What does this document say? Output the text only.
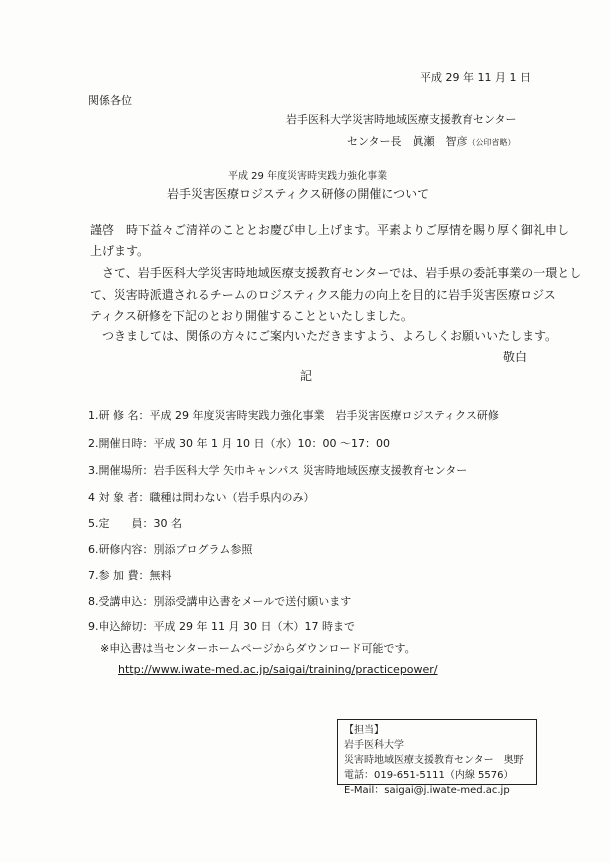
平成 29 年 11 月 1 日
関係各位
岩手医科大学災害時地域医療支援教育センター
センター長　 眞瀬　智彦（公印省略）
平成 29 年度災害時実践力強化事業
岩手災害医療ロジスティクス研修の開催について
謹啓　時下益々ご清祥のこととお慶び申し上げます。平素よりご厚情を賜り厚く御礼申し
上げます。
さて、岩手医科大学災害時地域医療支援教育センターでは、岩手県の委託事業の一環とし
て、災害時派遣されるチームのロジスティクス能力の向上を目的に岩手災害医療ロジス
ティクス研修を下記のとおり開催することといたしました。
つきましては、関係の方々にご案内いただきますよう、よろしくお願いいたします。
敬白
記
1.研 修 名：平成 29 年度災害時実践力強化事業　岩手災害医療ロジスティクス研修
2.開催日時：平成 30 年 1 月 10 日（水）10：00 ～17：00
3.開催場所：岩手医科大学 矢巾キャンパス 災害時地域医療支援教育センター
4 対 象 者：職種は問わない（岩手県内のみ）
5.定　　員：30 名
6.研修内容：別添プログラム参照
7.参 加 費：無料
8.受講申込：別添受講申込書をメールで送付願います
9.申込締切：平成 29 年 11 月 30 日（木）17 時まで
※申込書は当センターホームページからダウンロード可能です。
http://www.iwate-med.ac.jp/saigai/training/practicepower/
【担当】
岩手医科大学
災害時地域医療支援教育センター　奥野
電話：019-651-5111（内線 5576）
E-Mail：saigai@j.iwate-med.ac.jp
